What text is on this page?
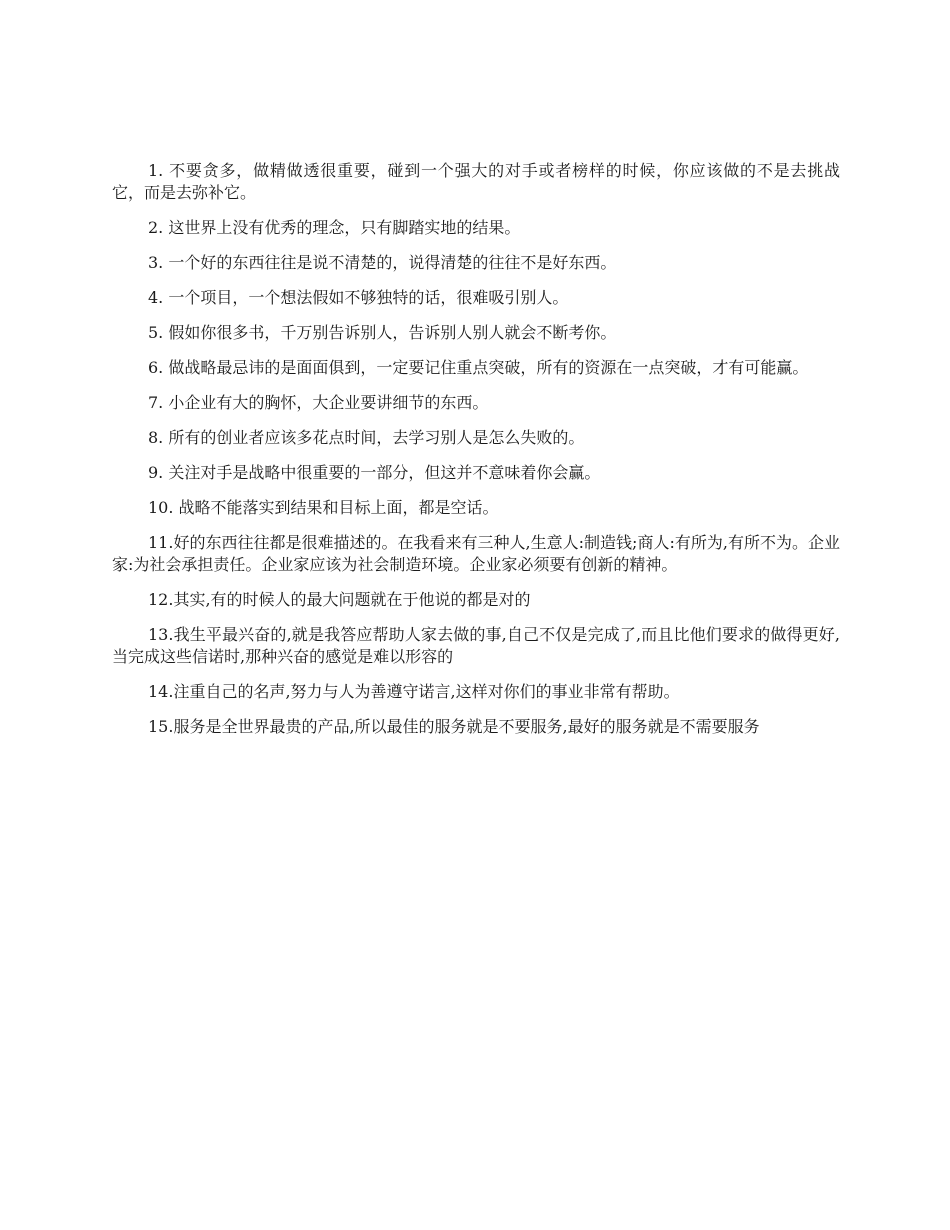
1. 不要贪多，做精做透很重要，碰到一个强大的对手或者榜样的时候，你应该做的不是去挑战它，而是去弥补它。

2. 这世界上没有优秀的理念，只有脚踏实地的结果。

3. 一个好的东西往往是说不清楚的，说得清楚的往往不是好东西。

4. 一个项目，一个想法假如不够独特的话，很难吸引别人。

5. 假如你很多书，千万别告诉别人，告诉别人别人就会不断考你。

6. 做战略最忌讳的是面面俱到，一定要记住重点突破，所有的资源在一点突破，才有可能赢。

7. 小企业有大的胸怀，大企业要讲细节的东西。

8. 所有的创业者应该多花点时间，去学习别人是怎么失败的。

9. 关注对手是战略中很重要的一部分，但这并不意味着你会赢。

10. 战略不能落实到结果和目标上面，都是空话。

11.好的东西往往都是很难描述的。在我看来有三种人,生意人:制造钱;商人:有所为,有所不为。企业家:为社会承担责任。企业家应该为社会制造环境。企业家必须要有创新的精神。

12.其实,有的时候人的最大问题就在于他说的都是对的

13.我生平最兴奋的,就是我答应帮助人家去做的事,自己不仅是完成了,而且比他们要求的做得更好,当完成这些信诺时,那种兴奋的感觉是难以形容的

14.注重自己的名声,努力与人为善遵守诺言,这样对你们的事业非常有帮助。

15.服务是全世界最贵的产品,所以最佳的服务就是不要服务,最好的服务就是不需要服务
